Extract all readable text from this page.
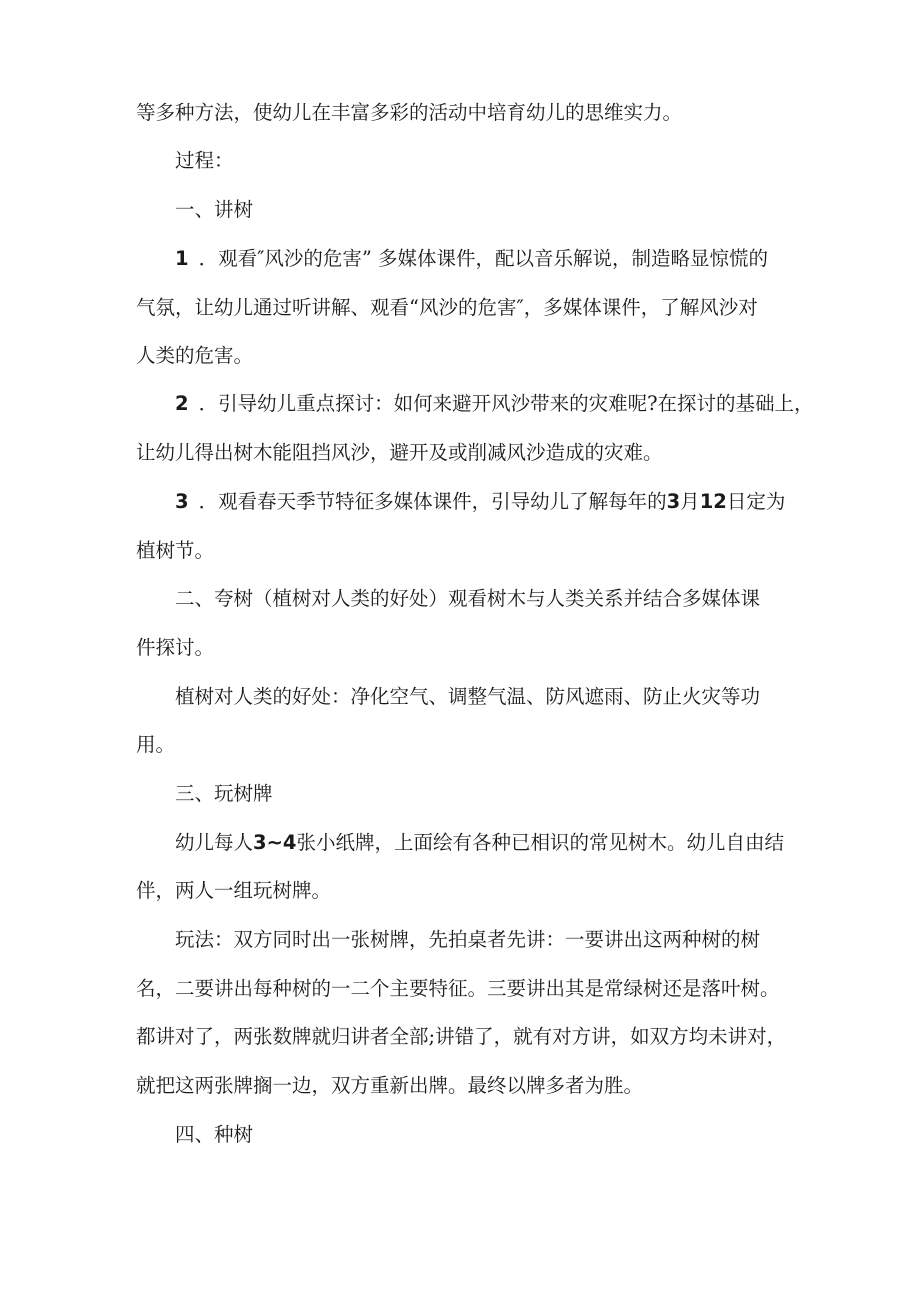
等多种方法，使幼儿在丰富多彩的活动中培育幼儿的思维实力。
过程：
一、讲树
1 ．观看″风沙的危害” 多媒体课件，配以音乐解说，制造略显惊慌的
气氛，让幼儿通过听讲解、观看“风沙的危害″，多媒体课件，了解风沙对
人类的危害。
2 ．引导幼儿重点探讨：如何来避开风沙带来的灾难呢?在探讨的基础上，
让幼儿得出树木能阻挡风沙，避开及或削减风沙造成的灾难。
3 ．观看春天季节特征多媒体课件，引导幼儿了解每年的3月12日定为
植树节。
二、夸树（植树对人类的好处）观看树木与人类关系并结合多媒体课
件探讨。
植树对人类的好处：净化空气、调整气温、防风遮雨、防止火灾等功
用。
三、玩树牌
幼儿每人3~4张小纸牌，上面绘有各种已相识的常见树木。幼儿自由结
伴，两人一组玩树牌。
玩法：双方同时出一张树牌，先拍桌者先讲：一要讲出这两种树的树
名，二要讲出每种树的一二个主要特征。三要讲出其是常绿树还是落叶树。
都讲对了，两张数牌就归讲者全部;讲错了，就有对方讲，如双方均未讲对，
就把这两张牌搁一边，双方重新出牌。最终以牌多者为胜。
四、种树
